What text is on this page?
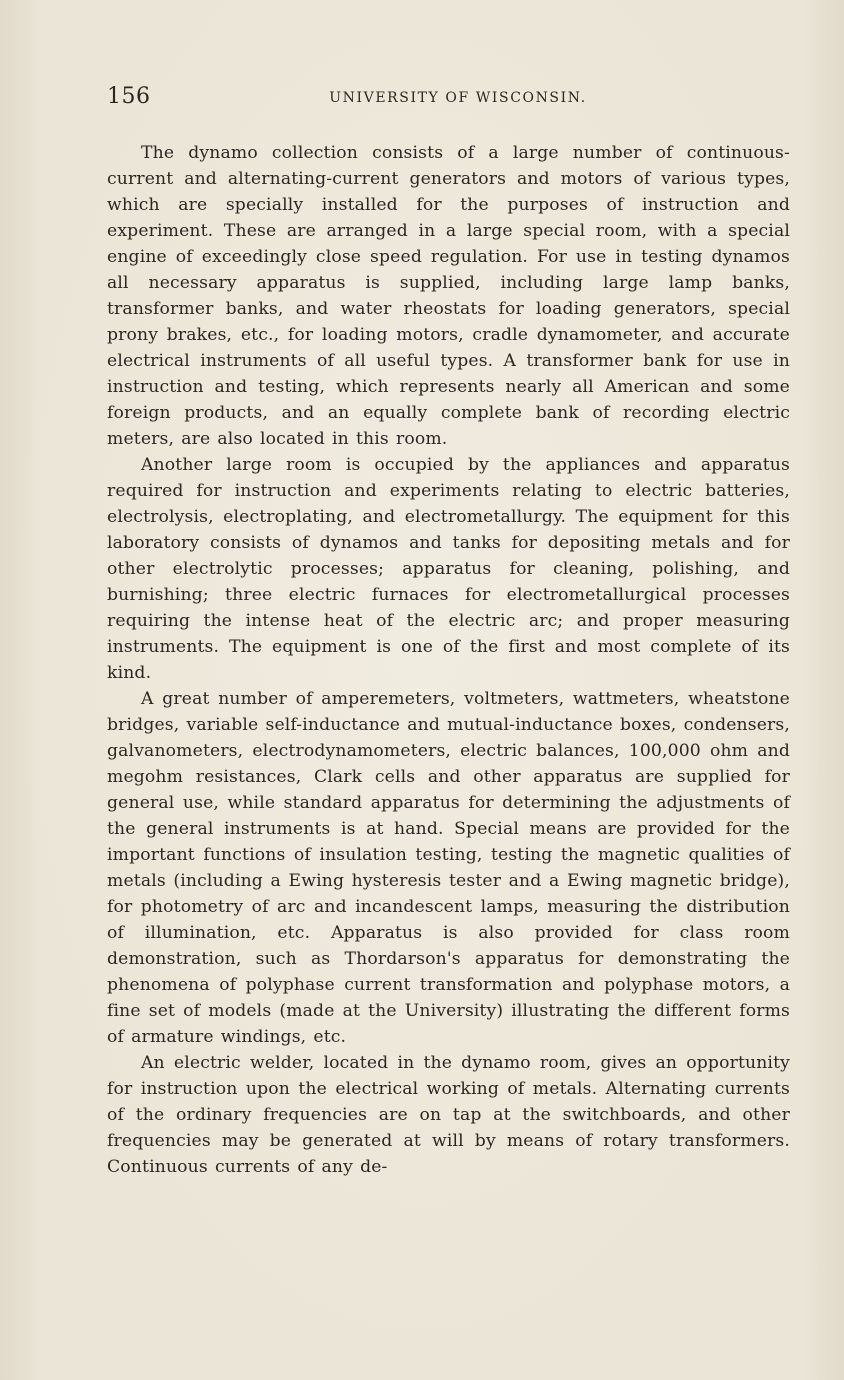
156	UNIVERSITY OF WISCONSIN.

The dynamo collection consists of a large number of continuous-current and alternating-current generators and motors of various types, which are specially installed for the purposes of instruction and experiment. These are arranged in a large special room, with a special engine of exceedingly close speed regulation. For use in testing dynamos all necessary apparatus is supplied, including large lamp banks, transformer banks, and water rheostats for loading generators, special prony brakes, etc., for loading motors, cradle dynamometer, and accurate electrical instruments of all useful types. A transformer bank for use in instruction and testing, which represents nearly all American and some foreign products, and an equally complete bank of recording electric meters, are also located in this room.

Another large room is occupied by the appliances and apparatus required for instruction and experiments relating to electric batteries, electrolysis, electroplating, and electrometallurgy. The equipment for this laboratory consists of dynamos and tanks for depositing metals and for other electrolytic processes; apparatus for cleaning, polishing, and burnishing; three electric furnaces for electrometallurgical processes requiring the intense heat of the electric arc; and proper measuring instruments. The equipment is one of the first and most complete of its kind.

A great number of amperemeters, voltmeters, wattmeters, wheatstone bridges, variable self-inductance and mutual-inductance boxes, condensers, galvanometers, electrodynamometers, electric balances, 100,000 ohm and megohm resistances, Clark cells and other apparatus are supplied for general use, while standard apparatus for determining the adjustments of the general instruments is at hand. Special means are provided for the important functions of insulation testing, testing the magnetic qualities of metals (including a Ewing hysteresis tester and a Ewing magnetic bridge), for photometry of arc and incandescent lamps, measuring the distribution of illumination, etc. Apparatus is also provided for class room demonstration, such as Thordarson's apparatus for demonstrating the phenomena of polyphase current transformation and polyphase motors, a fine set of models (made at the University) illustrating the different forms of armature windings, etc.

An electric welder, located in the dynamo room, gives an opportunity for instruction upon the electrical working of metals. Alternating currents of the ordinary frequencies are on tap at the switchboards, and other frequencies may be generated at will by means of rotary transformers. Continuous currents of any de-
